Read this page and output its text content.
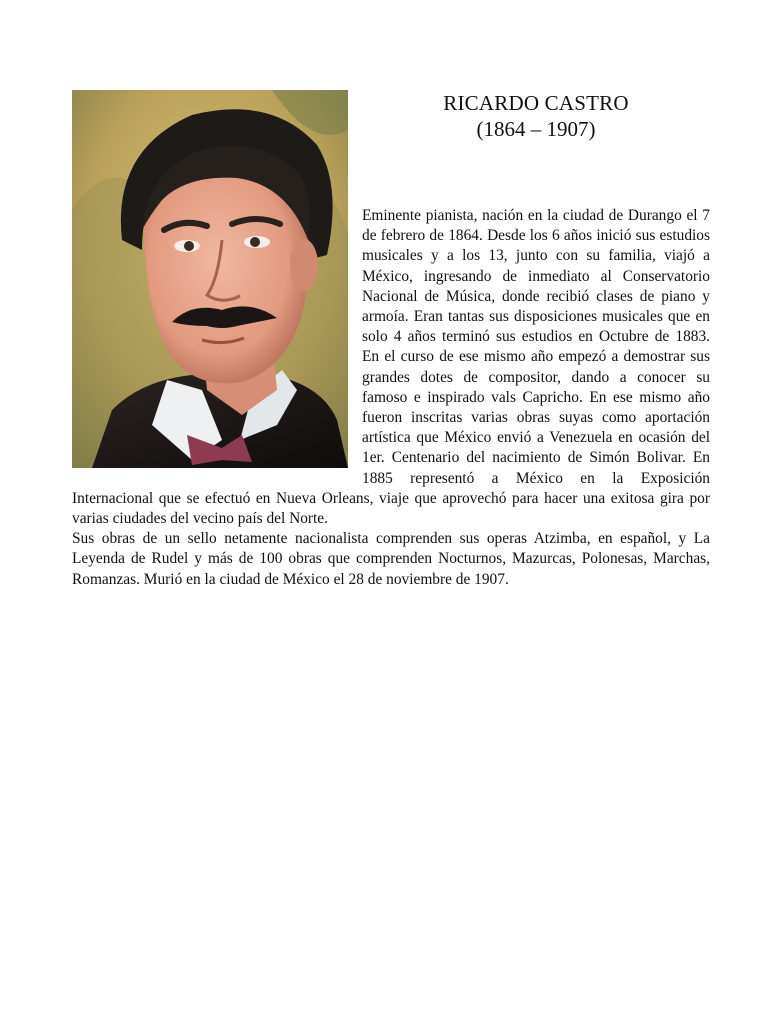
RICARDO CASTRO

(1864 – 1907)

Eminente pianista, nación en la ciudad de Durango el 7 de febrero de 1864. Desde los 6 años inició sus estudios musicales y a los 13, junto con su familia, viajó a México, ingresando de inmediato al Conservatorio Nacional de Música, donde recibió clases de piano y armoía. Eran tantas sus disposiciones musicales que en solo 4 años terminó sus estudios en Octubre de 1883. En el curso de ese mismo año empezó a demostrar sus grandes dotes de compositor, dando a conocer su famoso e inspirado vals Capricho. En ese mismo año fueron inscritas varias obras suyas como aportación artística que México envió a Venezuela en ocasión del 1er. Centenario del nacimiento de Simón Bolivar. En 1885 representó a México en la Exposición Internacional que se efectuó en Nueva Orleans, viaje que aprovechó para hacer una exitosa gira por varias ciudades del vecino país del Norte.

Sus obras de un sello netamente nacionalista comprenden sus operas Atzimba, en español, y La Leyenda de Rudel y más de 100 obras que comprenden Nocturnos, Mazurcas, Polonesas, Marchas, Romanzas. Murió en la ciudad de México el 28 de noviembre de 1907.
